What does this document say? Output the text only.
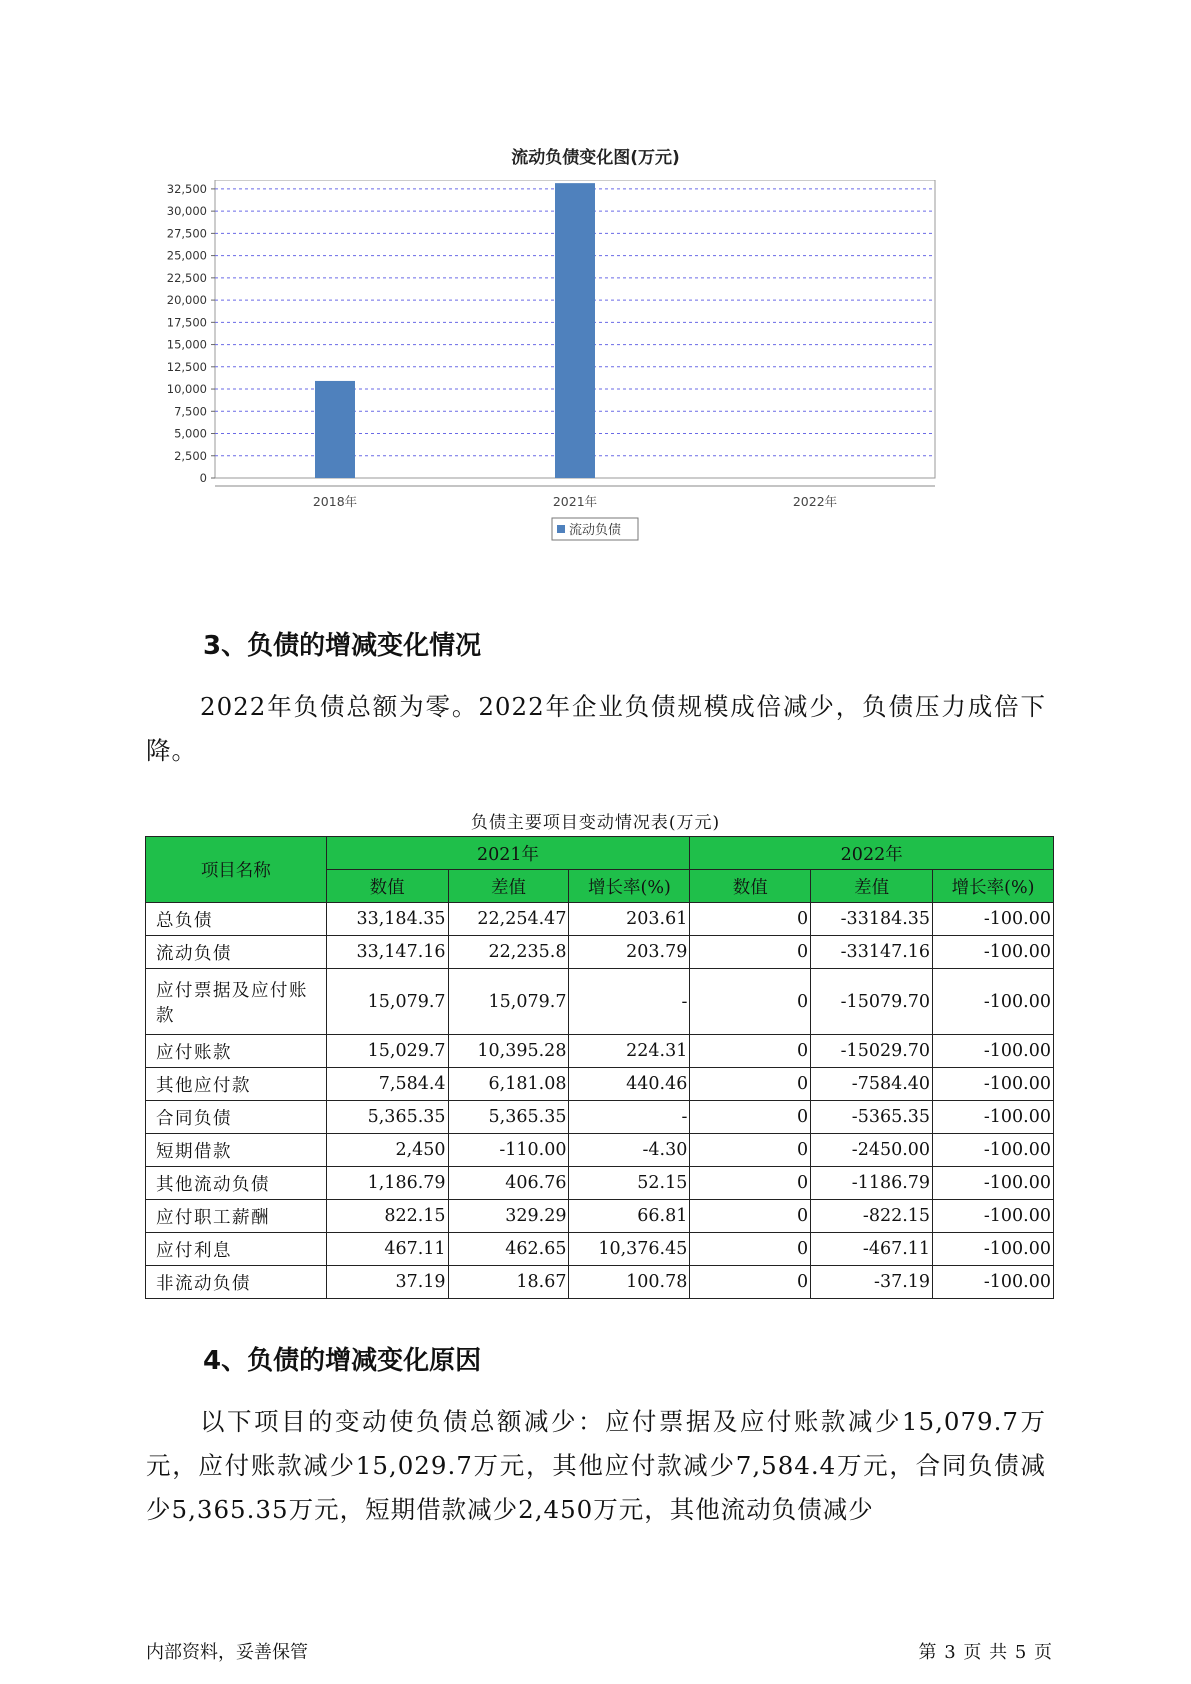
流动负债变化图(万元)
0
2,500
5,000
7,500
10,000
12,500
15,000
17,500
20,000
22,500
25,000
27,500
30,000
32,500
2018年	2021年	2022年
流动负债
3、负债的增减变化情况
2022年负债总额为零。2022年企业负债规模成倍减少，负债压力成倍下降。
负债主要项目变动情况表(万元)
项目名称	2021年			2022年		
	数值	差值	增长率(%)	数值	差值	增长率(%)
总负债	33,184.35	22,254.47	203.61	0	-33184.35	-100.00
流动负债	33,147.16	22,235.8	203.79	0	-33147.16	-100.00
应付票据及应付账款	15,079.7	15,079.7	-	0	-15079.70	-100.00
应付账款	15,029.7	10,395.28	224.31	0	-15029.70	-100.00
其他应付款	7,584.4	6,181.08	440.46	0	-7584.40	-100.00
合同负债	5,365.35	5,365.35	-	0	-5365.35	-100.00
短期借款	2,450	-110.00	-4.30	0	-2450.00	-100.00
其他流动负债	1,186.79	406.76	52.15	0	-1186.79	-100.00
应付职工薪酬	822.15	329.29	66.81	0	-822.15	-100.00
应付利息	467.11	462.65	10,376.45	0	-467.11	-100.00
非流动负债	37.19	18.67	100.78	0	-37.19	-100.00
4、负债的增减变化原因
以下项目的变动使负债总额减少：应付票据及应付账款减少15,079.7万元，应付账款减少15,029.7万元，其他应付款减少7,584.4万元，合同负债减少5,365.35万元，短期借款减少2,450万元，其他流动负债减少
内部资料，妥善保管	第 3 页 共 5 页
